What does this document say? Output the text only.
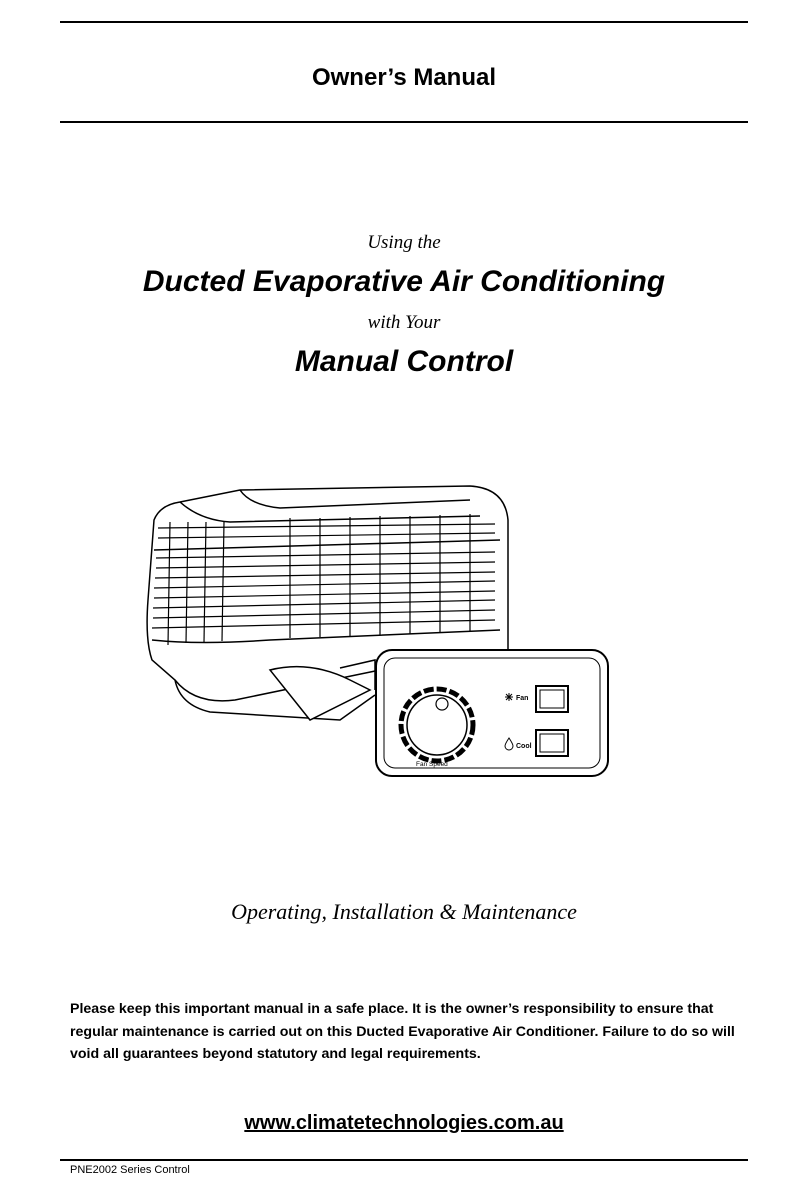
Owner’s Manual
Using the
Ducted Evaporative Air Conditioning
with Your
Manual Control
Fan Speed
Fan
Cool
Operating, Installation & Maintenance
Please keep this important manual in a safe place. It is the owner’s responsibility to ensure that regular maintenance is carried out on this Ducted Evaporative Air Conditioner. Failure to do so will void all guarantees beyond statutory and legal requirements.
www.climatetechnologies.com.au
PNE2002 Series Control
